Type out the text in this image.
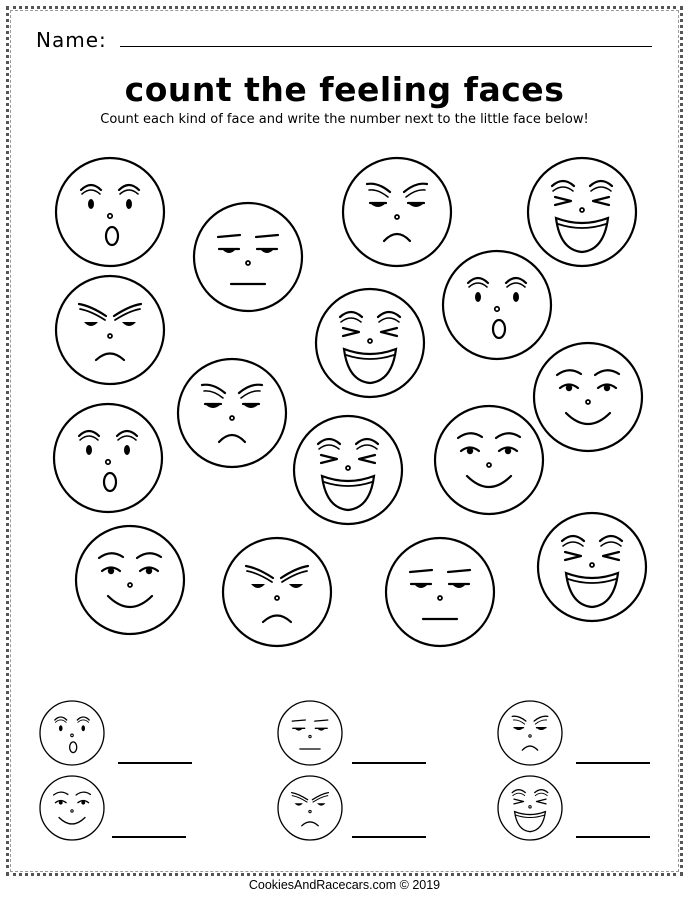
Name:
count the feeling faces
Count each kind of face and write the number next to the little face below!
CookiesAndRacecars.com © 2019
